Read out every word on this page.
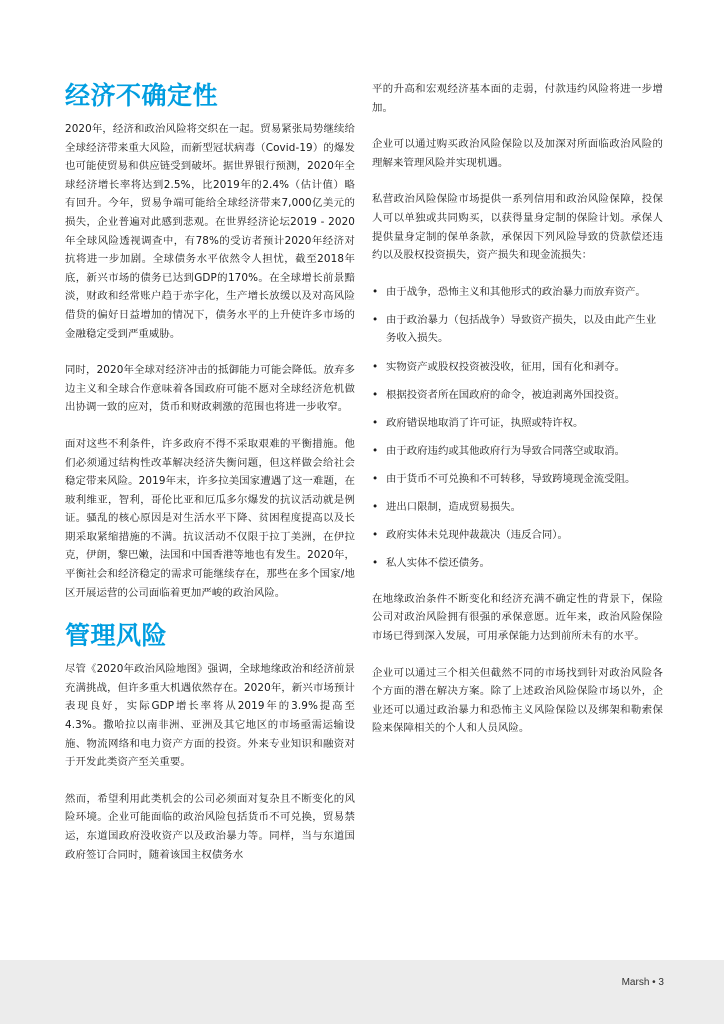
经济不确定性

2020年，经济和政治风险将交织在一起。贸易紧张局势继续给全球经济带来重大风险，而新型冠状病毒（Covid-19）的爆发也可能使贸易和供应链受到破坏。据世界银行预测，2020年全球经济增长率将达到2.5%，比2019年的2.4%（估计值）略有回升。今年，贸易争端可能给全球经济带来7,000亿美元的损失，企业普遍对此感到悲观。在世界经济论坛2019 - 2020年全球风险透视调查中，有78%的受访者预计2020年经济对抗将进一步加剧。全球债务水平依然令人担忧，截至2018年底，新兴市场的债务已达到GDP的170%。在全球增长前景黯淡，财政和经常账户趋于赤字化，生产增长放缓以及对高风险借贷的偏好日益增加的情况下，债务水平的上升使许多市场的金融稳定受到严重威胁。

同时，2020年全球对经济冲击的抵御能力可能会降低。放弃多边主义和全球合作意味着各国政府可能不愿对全球经济危机做出协调一致的应对，货币和财政刺激的范围也将进一步收窄。

面对这些不利条件，许多政府不得不采取艰难的平衡措施。他们必须通过结构性改革解决经济失衡问题，但这样做会给社会稳定带来风险。2019年末，许多拉美国家遭遇了这一难题，在玻利维亚，智利，哥伦比亚和厄瓜多尔爆发的抗议活动就是例证。骚乱的核心原因是对生活水平下降、贫困程度提高以及长期采取紧缩措施的不满。抗议活动不仅限于拉丁美洲，在伊拉克，伊朗，黎巴嫩，法国和中国香港等地也有发生。2020年，平衡社会和经济稳定的需求可能继续存在，那些在多个国家/地区开展运营的公司面临着更加严峻的政治风险。

管理风险

尽管《2020年政治风险地图》强调，全球地缘政治和经济前景充满挑战，但许多重大机遇依然存在。2020年，新兴市场预计表现良好，实际GDP增长率将从2019年的3.9%提高至4.3%。撒哈拉以南非洲、亚洲及其它地区的市场亟需运输设施、物流网络和电力资产方面的投资。外来专业知识和融资对于开发此类资产至关重要。

然而，希望利用此类机会的公司必须面对复杂且不断变化的风险环境。企业可能面临的政治风险包括货币不可兑换，贸易禁运，东道国政府没收资产以及政治暴力等。同样，当与东道国政府签订合同时，随着该国主权债务水

平的升高和宏观经济基本面的走弱，付款违约风险将进一步增加。

企业可以通过购买政治风险保险以及加深对所面临政治风险的理解来管理风险并实现机遇。

私营政治风险保险市场提供一系列信用和政治风险保障，投保人可以单独或共同购买，以获得量身定制的保险计划。承保人提供量身定制的保单条款，承保因下列风险导致的贷款偿还违约以及股权投资损失，资产损失和现金流损失：

• 由于战争，恐怖主义和其他形式的政治暴力而放弃资产。
• 由于政治暴力（包括战争）导致资产损失，以及由此产生业务收入损失。
• 实物资产或股权投资被没收，征用，国有化和剥夺。
• 根据投资者所在国政府的命令，被迫剥离外国投资。
• 政府错误地取消了许可证，执照或特许权。
• 由于政府违约或其他政府行为导致合同落空或取消。
• 由于货币不可兑换和不可转移，导致跨境现金流受阻。
• 进出口限制，造成贸易损失。
• 政府实体未兑现仲裁裁决（违反合同）。
• 私人实体不偿还债务。

在地缘政治条件不断变化和经济充满不确定性的背景下，保险公司对政治风险拥有很强的承保意愿。近年来，政治风险保险市场已得到深入发展，可用承保能力达到前所未有的水平。

企业可以通过三个相关但截然不同的市场找到针对政治风险各个方面的潜在解决方案。除了上述政治风险保险市场以外，企业还可以通过政治暴力和恐怖主义风险保险以及绑架和勒索保险来保障相关的个人和人员风险。

Marsh • 3
